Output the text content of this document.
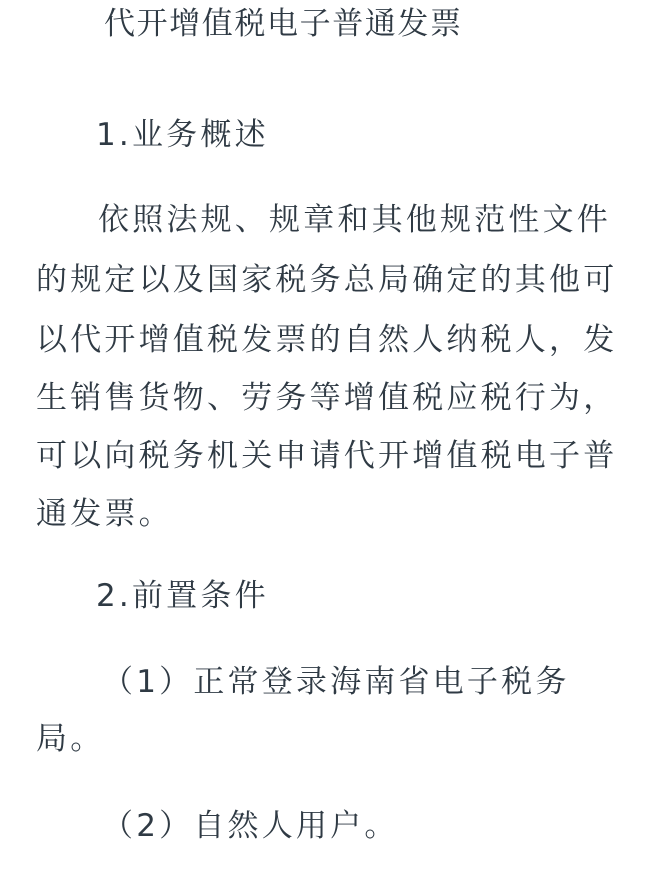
代开增值税电子普通发票
1.业务概述
依照法规、规章和其他规范性文件
的规定以及国家税务总局确定的其他可
以代开增值税发票的自然人纳税人，发
生销售货物、劳务等增值税应税行为，
可以向税务机关申请代开增值税电子普
通发票。
2.前置条件
（1）正常登录海南省电子税务
局。
（2）自然人用户。
